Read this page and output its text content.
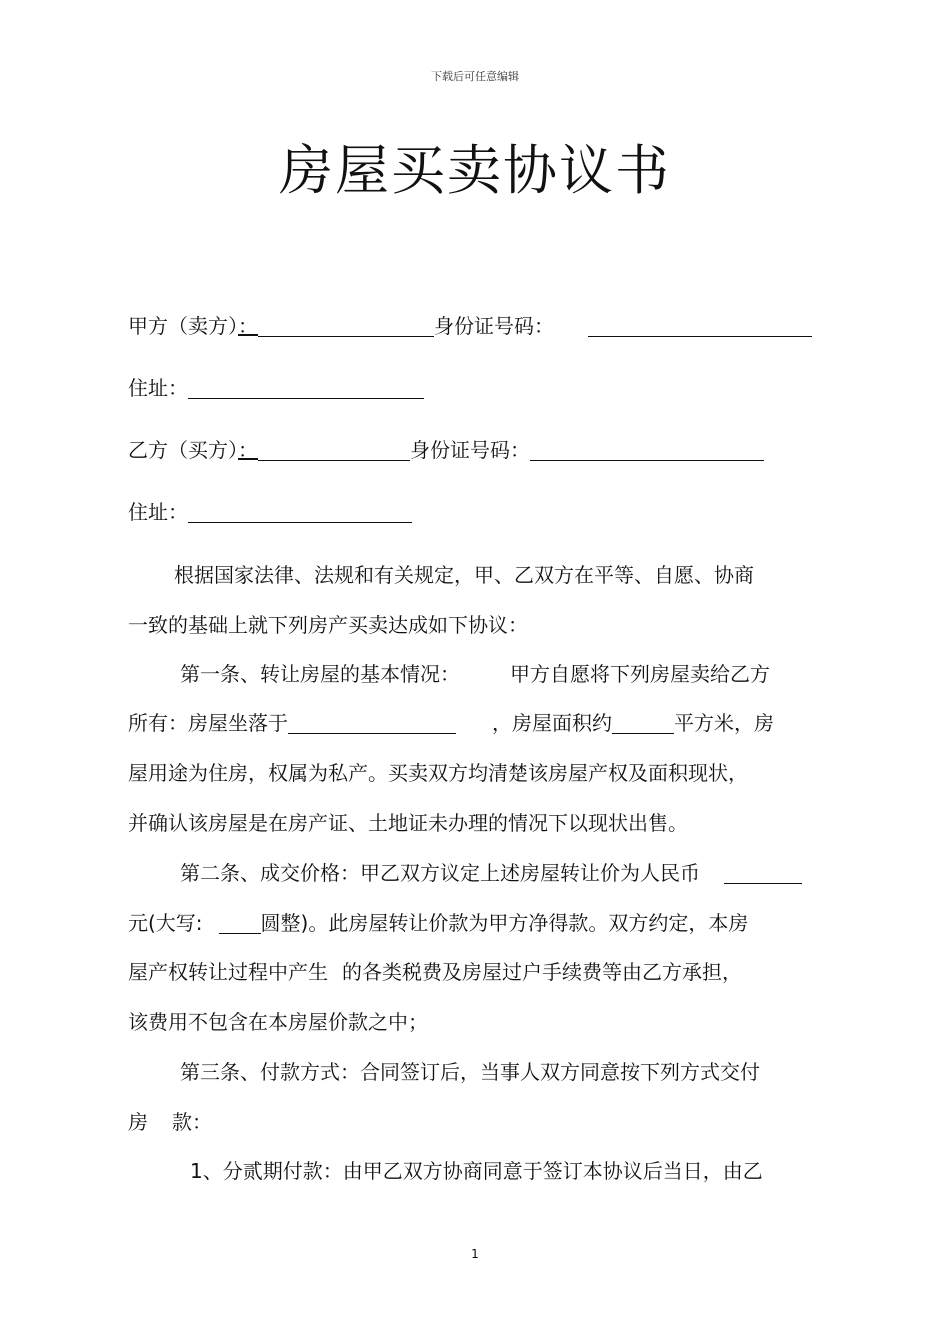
下载后可任意编辑
房屋买卖协议书
甲方（卖方）：	身份证号码：
住址：
乙方（买方）：	身份证号码：
住址：
根据国家法律、法规和有关规定，甲、乙双方在平等、自愿、协商
一致的基础上就下列房产买卖达成如下协议：
第一条、转让房屋的基本情况：	甲方自愿将下列房屋卖给乙方
所有：房屋坐落于	，房屋面积约	平方米，房
屋用途为住房，权属为私产。买卖双方均清楚该房屋产权及面积现状，
并确认该房屋是在房产证、土地证未办理的情况下以现状出售。
第二条、成交价格：甲乙双方议定上述房屋转让价为人民币
元(大写:	圆整)。此房屋转让价款为甲方净得款。双方约定，本房
屋产权转让过程中产生 的各类税费及房屋过户手续费等由乙方承担，
该费用不包含在本房屋价款之中；
第三条、付款方式：合同签订后，当事人双方同意按下列方式交付
房 款：
1、分贰期付款：由甲乙双方协商同意于签订本协议后当日，由乙
1
